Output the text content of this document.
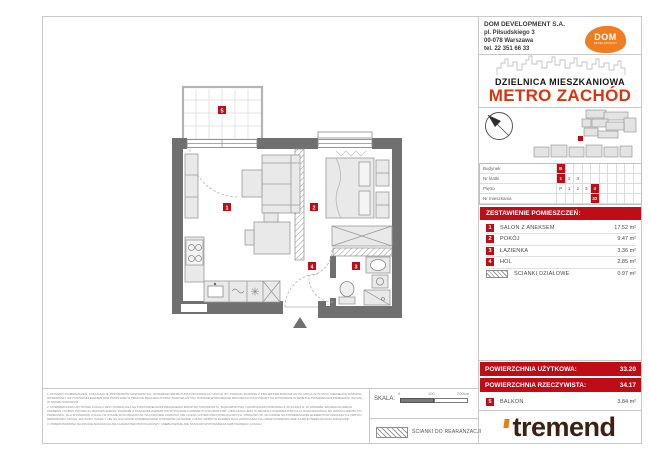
1	2
3
4
5
DOM DEVELOPMENT S.A.
pl. Piłsudskiego 3
00-078 Warszawa
tel. 22 351 66 33
DOM
DEVELOPMENT
DZIELNICA MIESZKANIOWA
METRO ZACHÓD
Budynek	B
Nr klatki	1	2	3
Piętro	P	1	2	3	4
Nr mieszkania	32
ZESTAWIENIE POMIESZCZEŃ:
1	SALON Z ANEKSEM	17.52 m²
2	POKÓJ	9.47 m²
3	ŁAZIENKA	3.36 m²
4	HOL	2.85 m²
ŚCIANKI DZIAŁOWE	0.97 m²
POWIERZCHNIA UŻYTKOWA:	33.20
POWIERZCHNIA RZECZYWISTA:	34.17
5	BALKON	3.84 m²
tremend

1. WYMIARY POMIESZCZEŃ, LOKALIZACJE PRZYBORÓW SANITARNYCH, ROZMIESZCZENIE PUNKTÓW INSTALACYJNYCH ITP. PODANO ZGODNIE Z PROJEKTEM BUDOWLANYM. MOGĄ WYSTĄPIĆ NIEWIELKIE RÓŻNICE WYMIARÓW I USYTUOWANIA ELEMENTÓW POWSTAŁE W TRAKCIE REALIZACJI PRAC BUDOWLANYCH. PODANE W PROJEKCIE BUDOWLANYM WYMIARY SĄ WYMIARAMI W ŚWIETLE POWIERZCHNI PRZEGRÓD (ŚCIAN) W STANIE SUROWYM.

2. POWIERZCHNIA UŻYTKOWA LOKALU JEST OKREŚLONA NA PODSTAWIE ROZPORZĄDZENIA MINISTRA TRANSPORTU, BUDOWNICTWA I GOSPODARKI MORSKIEJ Z 25.04.2012 R. W SPRAWIE SZCZEGÓŁOWEGO ZAKRESU I FORMY PROJEKTU BUDOWLANEGO, ZGODNIE Z ZASADAMI ZAWARTYMI W POLSKIEJ NORMIE PN-ISO 9836:1997. OBLICZANA JEST W METRACH KWADRATOWYCH Z DOKŁADNOŚCIĄ DO DWÓCH MIEJSC PO PRZECINKU, DLA WYMIARÓW LOKALU W STANIE WYKOŃCZONYM, NA POZIOMIE PODŁOGI, NIE LICZĄC LISTEW PRZYPODŁOGOWYCH, PROGÓW ITP. WLICZONE SĄ POWIERZCHNIE ELEMENTÓW NADAJĄCYCH SIĘ DO DEMONTAŻU TAKICH JAK RURY, KANAŁY. NIE SĄ WLICZONE POWIERZCHNIE OTWORÓW NA DRZWI I OKNA, WNĘKI W ELEMENTACH ZAMYKAJĄCYCH ORAZ POWIERZCHNIE ZAJĘTE PRZEZ ŚCIANKI DZIAŁOWE.

3. PRZEDSTAWIONA NA RZUCIE ARANŻACJA MA CHARAKTER PRZYKŁADOWY. UMEBLOWANIE NIE STANOWI WYPOSAŻENIA NABYWANEGO LOKALU.

SKALA:
0	100	200cm
ŚCIANKI DO REARANŻACJI
